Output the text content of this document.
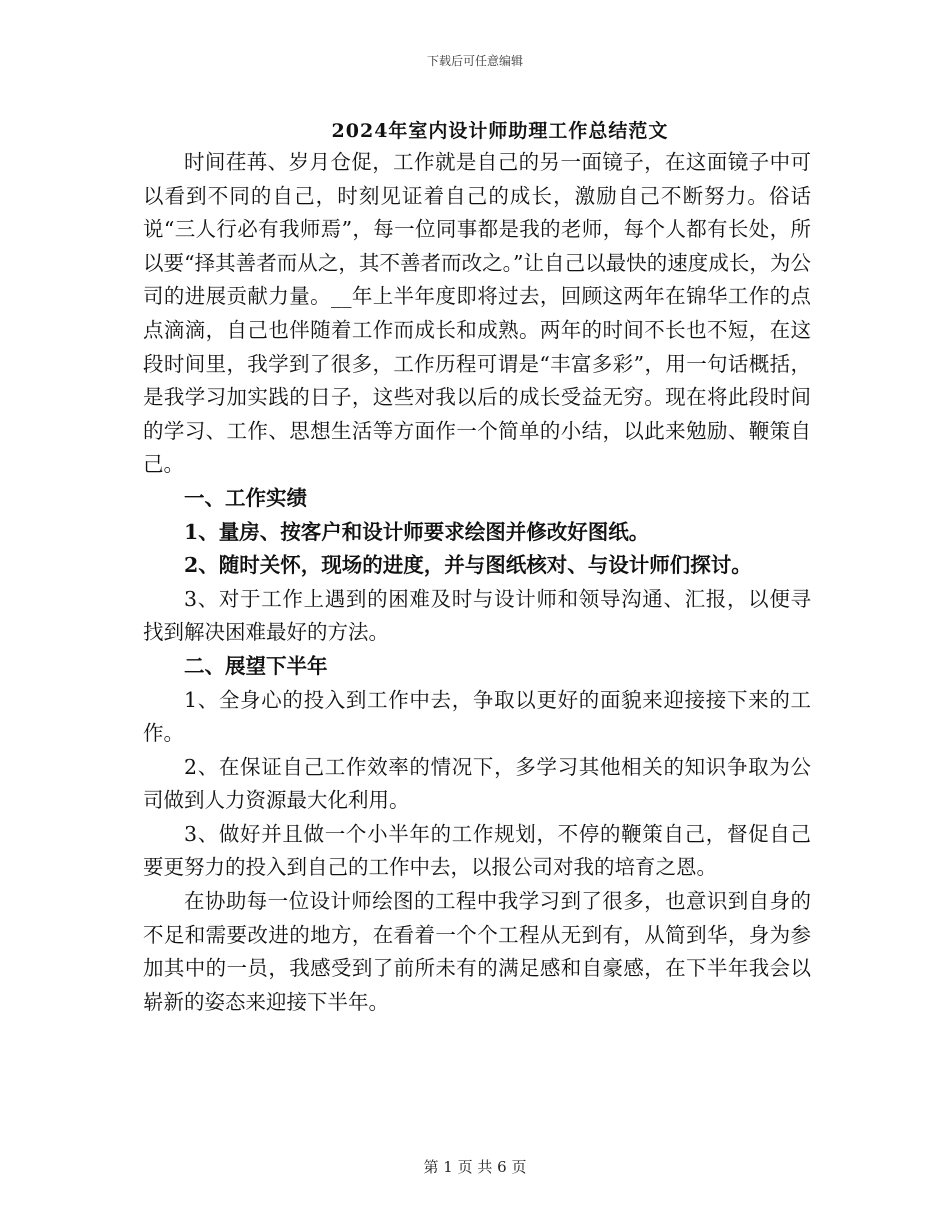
下载后可任意编辑
2024年室内设计师助理工作总结范文

时间荏苒、岁月仓促，工作就是自己的另一面镜子，在这面镜子中可以看到不同的自己，时刻见证着自己的成长，激励自己不断努力。俗话说“三人行必有我师焉”，每一位同事都是我的老师，每个人都有长处，所以要“择其善者而从之，其不善者而改之。”让自己以最快的速度成长，为公司的进展贡献力量。__年上半年度即将过去，回顾这两年在锦华工作的点点滴滴，自己也伴随着工作而成长和成熟。两年的时间不长也不短，在这段时间里，我学到了很多，工作历程可谓是“丰富多彩”，用一句话概括，是我学习加实践的日子，这些对我以后的成长受益无穷。现在将此段时间的学习、工作、思想生活等方面作一个简单的小结，以此来勉励、鞭策自己。

一、工作实绩

1、量房、按客户和设计师要求绘图并修改好图纸。

2、随时关怀，现场的进度，并与图纸核对、与设计师们探讨。

3、对于工作上遇到的困难及时与设计师和领导沟通、汇报，以便寻找到解决困难最好的方法。

二、展望下半年

1、全身心的投入到工作中去，争取以更好的面貌来迎接接下来的工作。

2、在保证自己工作效率的情况下，多学习其他相关的知识争取为公司做到人力资源最大化利用。

3、做好并且做一个小半年的工作规划，不停的鞭策自己，督促自己要更努力的投入到自己的工作中去，以报公司对我的培育之恩。

在协助每一位设计师绘图的工程中我学习到了很多，也意识到自身的不足和需要改进的地方，在看着一个个工程从无到有，从简到华，身为参加其中的一员，我感受到了前所未有的满足感和自豪感，在下半年我会以崭新的姿态来迎接下半年。

第 1 页 共 6 页
